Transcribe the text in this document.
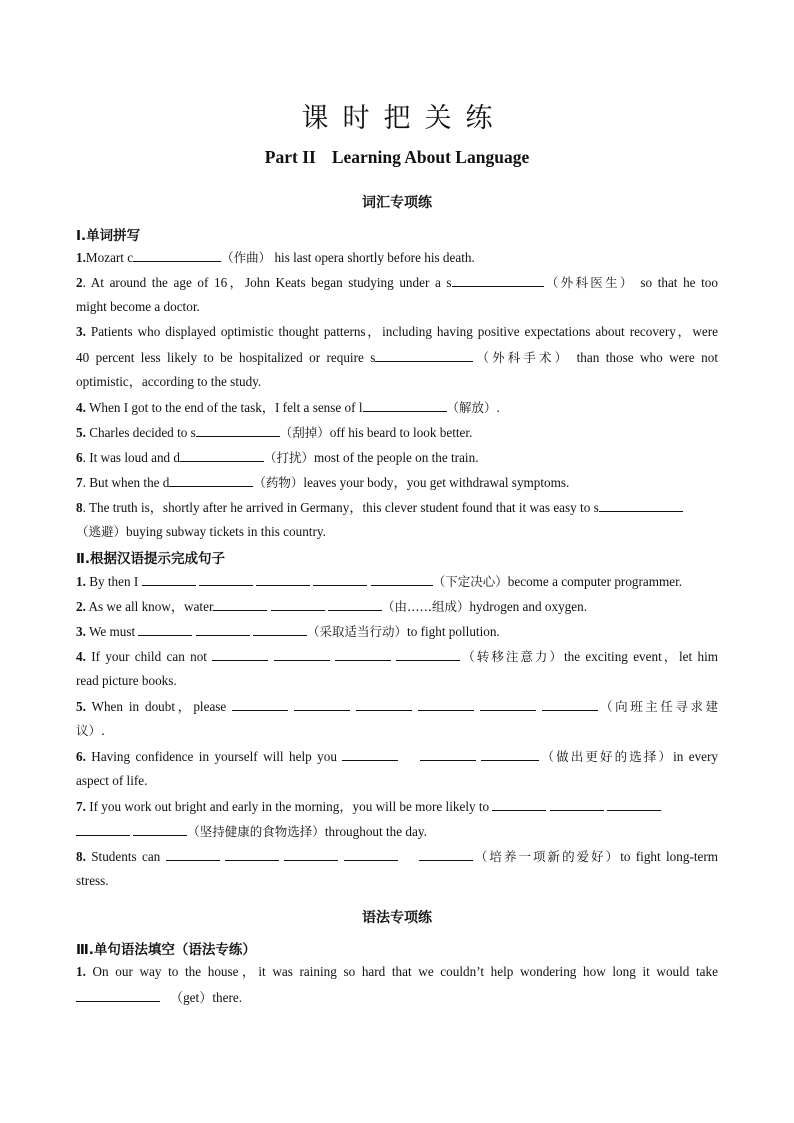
课时把关练
Part II Learning About Language
词汇专项练
Ⅰ.单词拼写
1.Mozart c	（作曲） his last opera shortly before his death.
2. At around the age of 16，John Keats began studying under a s	（外科医生） so that he too
might become a doctor.
3. Patients who displayed optimistic thought patterns，including having positive expectations about recovery，were
40 percent less likely to be hospitalized or require s	（外科手术） than those who were not
optimistic，according to the study.
4. When I got to the end of the task，I felt a sense of l	（解放）.
5. Charles decided to s	（刮掉）off his beard to look better.
6. It was loud and d	（打扰）most of the people on the train.
7. But when the d	（药物）leaves your body，you get withdrawal symptoms.
8. The truth is，shortly after he arrived in Germany，this clever student found that it was easy to s
（逃避）buying subway tickets in this country.
Ⅱ.根据汉语提示完成句子
1. By then I	（下定决心）become a computer programmer.
2. As we all know，water	（由……组成）hydrogen and oxygen.
3. We must	（采取适当行动）to fight pollution.
4. If your child can not	（转移注意力）the exciting event，let him
read picture books.
5. When in doubt，please	（向班主任寻求建
议）.
6. Having confidence in yourself will help you	（做出更好的选择）in every
aspect of life.
7. If you work out bright and early in the morning，you will be more likely to
（坚持健康的食物选择）throughout the day.
8. Students can	（培养一项新的爱好）to fight long-term
stress.
语法专项练
Ⅲ.单句语法填空（语法专练）
1. On our way to the house，it was raining so hard that we couldn’t help wondering how long it would take
（get）there.
